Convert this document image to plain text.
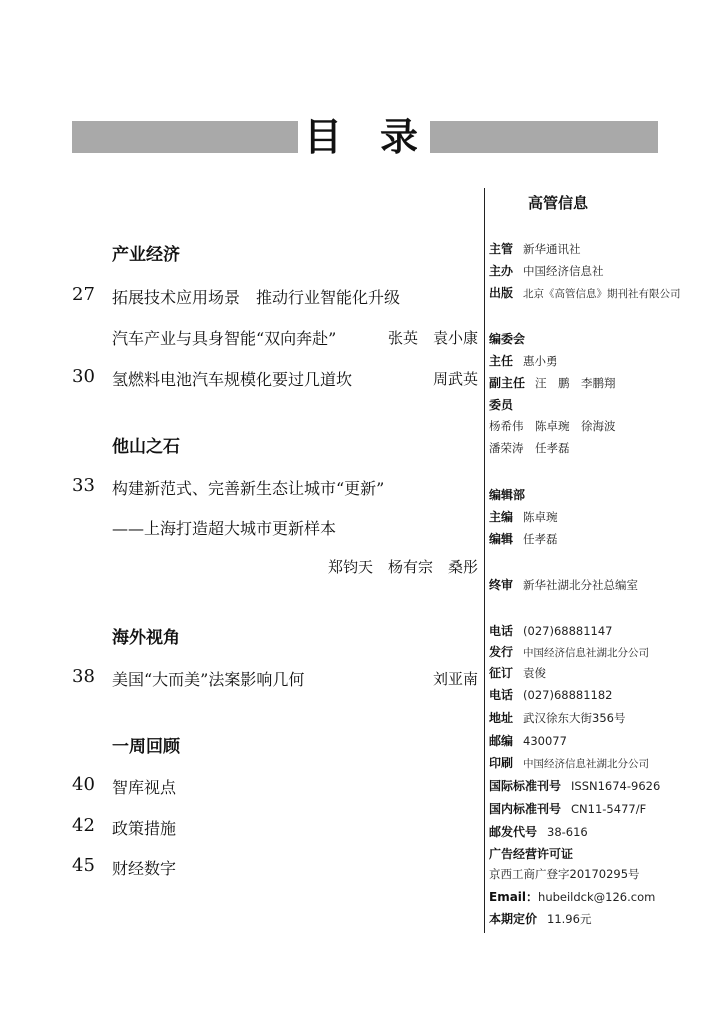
目 录
产业经济
27 拓展技术应用场景　推动行业智能化升级
汽车产业与具身智能“双向奔赴”	张英　袁小康
30 氢燃料电池汽车规模化要过几道坎	周武英
他山之石
33 构建新范式、完善新生态让城市“更新”
——上海打造超大城市更新样本
郑钧天　杨有宗　桑彤
海外视角
38 美国“大而美”法案影响几何	刘亚南
一周回顾
40 智库视点
42 政策措施
45 财经数字
高管信息
主管 新华通讯社
主办 中国经济信息社
出版 北京《高管信息》期刊社有限公司
编委会
主任 惠小勇
副主任 汪　鹏　李鹏翔
委员
杨希伟　陈卓琬　徐海波
潘荣涛　任孝磊
编辑部
主编 陈卓琬
编辑 任孝磊
终审 新华社湖北分社总编室
电话 (027)68881147
发行 中国经济信息社湖北分公司
征订 袁俊
电话 (027)68881182
地址 武汉徐东大街356号
邮编 430077
印刷 中国经济信息社湖北分公司
国际标准刊号 ISSN1674-9626
国内标准刊号 CN11-5477/F
邮发代号 38-616
广告经营许可证
京西工商广登字20170295号
Email：hubeildck@126.com
本期定价 11.96元
